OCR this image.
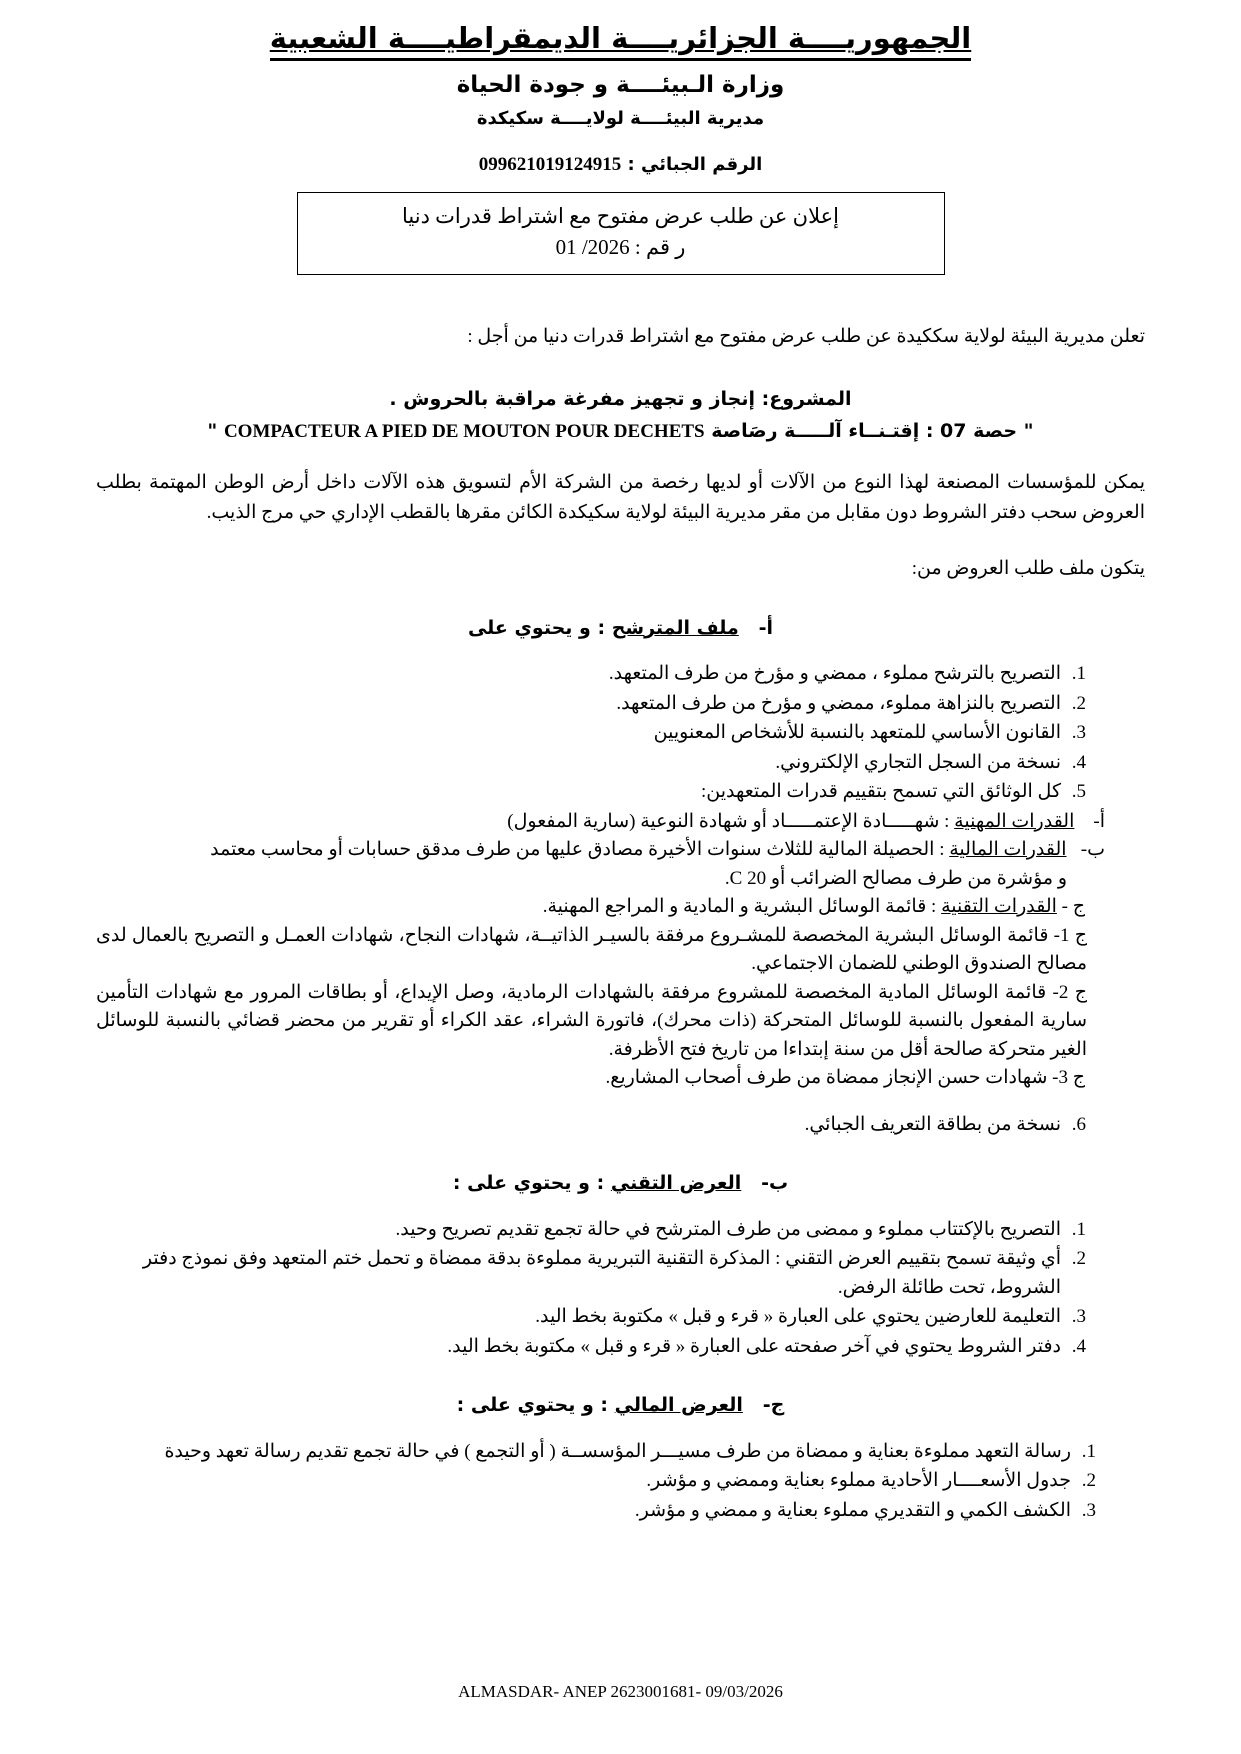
الجمهوريــــة الجزائريــــة الديمقراطيــــة الشعبية
وزارة الـبيئــــة و جودة الحياة
مديرية البيئــــة لولايــــة سكيكدة
الرقم الجبائي : 099621019124915
إعلان عن طلب عرض مفتوح مع اشتراط قدرات دنيا
ر قم : 2026/ 01
تعلن مديرية البيئة لولاية سككيدة عن طلب عرض مفتوح مع اشتراط قدرات دنيا من أجل :
المشروع: إنجاز و تجهيز مفرغة مراقبة بالحروش .
" حصة 07 : إقتـنــاء آلـــــة رصَاصة COMPACTEUR A PIED DE MOUTON POUR DECHETS "
يمكن للمؤسسات المصنعة لهذا النوع من الآلات أو لديها رخصة من الشركة الأم لتسويق هذه الآلات داخل أرض الوطن المهتمة بطلب العروض سحب دفتر الشروط دون مقابل من مقر مديرية البيئة لولاية سكيكدة الكائن مقرها بالقطب الإداري حي مرج الذيب.
يتكون ملف طلب العروض من:
أ-   ملف المترشح : و يحتوي على
1. التصريح بالترشح مملوء ، ممضي و مؤرخ من طرف المتعهد.
2. التصريح بالنزاهة مملوء، ممضي و مؤرخ من طرف المتعهد.
3. القانون الأساسي للمتعهد بالنسبة للأشخاص المعنويين
4. نسخة من السجل التجاري الإلكتروني.
5. كل الوثائق التي تسمح بتقييم قدرات المتعهدين:
أ-    القدرات المهنية : شهـــــادة الإعتمـــــاد أو شهادة النوعية (سارية المفعول)
ب-   القدرات المالية : الحصيلة المالية للثلاث سنوات الأخيرة مصادق عليها من طرف مدقق حسابات أو محاسب معتمد
و مؤشرة من طرف مصالح الضرائب أو 20 C.
ج - القدرات التقنية : قائمة الوسائل البشرية و المادية و المراجع المهنية.
ج 1- قائمة الوسائل البشرية المخصصة للمشـروع مرفقة بالسيـر الذاتيــة، شهادات النجاح، شهادات العمـل و التصريح بالعمال لدى مصالح الصندوق الوطني للضمان الاجتماعي.
ج 2- قائمة الوسائل المادية المخصصة للمشروع مرفقة بالشهادات الرمادية، وصل الإيداع، أو بطاقات المرور مع شهادات التأمين سارية المفعول بالنسبة للوسائل المتحركة (ذات محرك)، فاتورة الشراء، عقد الكراء أو تقرير من محضر قضائي بالنسبة للوسائل الغير متحركة صالحة أقل من سنة إبتداءا من تاريخ فتح الأظرفة.
ج 3- شهادات حسن الإنجاز ممضاة من طرف أصحاب المشاريع.
6. نسخة من بطاقة التعريف الجبائي.
ب-   العرض التقني : و يحتوي على :
1. التصريح بالإكتتاب مملوء و ممضى من طرف المترشح في حالة تجمع تقديم تصريح وحيد.
2. أي وثيقة تسمح بتقييم العرض التقني : المذكرة التقنية التبريرية مملوءة بدقة ممضاة و تحمل ختم المتعهد وفق نموذج دفتر الشروط، تحت طائلة الرفض.
3. التعليمة للعارضين يحتوي على العبارة « قرء و قبل » مكتوبة بخط اليد.
4. دفتر الشروط يحتوي في آخر صفحته على العبارة « قرء و قبل » مكتوبة بخط اليد.
ج-   العرض المالي : و يحتوي على :
1. رسالة التعهد مملوءة بعناية و ممضاة من طرف مسيـــر المؤسســة ( أو التجمع ) في حالة تجمع تقديم رسالة تعهد وحيدة
2. جدول الأسعــــار الأحادية مملوء بعناية وممضي و مؤشر.
3. الكشف الكمي و التقديري مملوء بعناية و ممضي و مؤشر.
ALMASDAR- ANEP 2623001681- 09/03/2026
